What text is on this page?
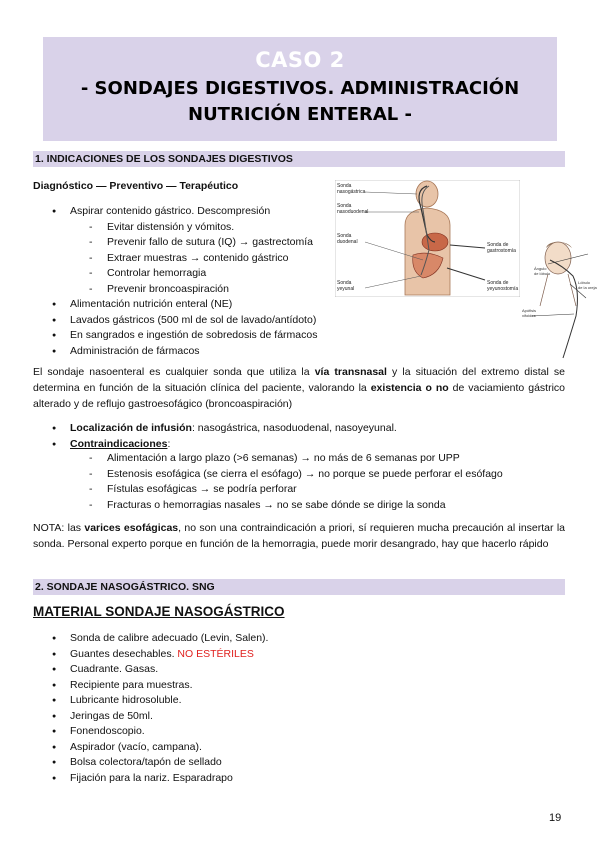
CASO 2
- SONDAJES DIGESTIVOS. ADMINISTRACIÓN
NUTRICIÓN ENTERAL -
1. INDICACIONES DE LOS SONDAJES DIGESTIVOS
Diagnóstico — Preventivo — Terapéutico
● Aspirar contenido gástrico. Descompresión
- Evitar distensión y vómitos.
- Prevenir fallo de sutura (IQ) → gastrectomía
- Extraer muestras → contenido gástrico
- Controlar hemorragia
- Prevenir broncoaspiración
● Alimentación nutrición enteral (NE)
● Lavados gástricos (500 ml de sol de lavado/antídoto)
● En sangrados e ingestión de sobredosis de fármacos
● Administración de fármacos
Sonda nasogástrica
Sonda nasoduodenal
Sonda duodenal
Sonda yeyunal
Sonda de gastrostomía
Sonda de yeyunostomía
Ángulo de lóbulo
Lóbulo de la oreja
Apófisis xifoides
El sondaje nasoenteral es cualquier sonda que utiliza la vía transnasal y la situación del extremo distal se determina en función de la situación clínica del paciente, valorando la existencia o no de vaciamiento gástrico alterado y de reflujo gastroesofágico (broncoaspiración)
● Localización de infusión: nasogástrica, nasoduodenal, nasoyeyunal.
● Contraindicaciones:
- Alimentación a largo plazo (>6 semanas) → no más de 6 semanas por UPP
- Estenosis esofágica (se cierra el esófago) → no porque se puede perforar el esófago
- Fístulas esofágicas → se podría perforar
- Fracturas o hemorragias nasales → no se sabe dónde se dirige la sonda
NOTA: las varices esofágicas, no son una contraindicación a priori, sí requieren mucha precaución al insertar la sonda. Personal experto porque en función de la hemorragia, puede morir desangrado, hay que hacerlo rápido
2. SONDAJE NASOGÁSTRICO. SNG
MATERIAL SONDAJE NASOGÁSTRICO
● Sonda de calibre adecuado (Levin, Salen).
● Guantes desechables. NO ESTÉRILES
● Cuadrante. Gasas.
● Recipiente para muestras.
● Lubricante hidrosoluble.
● Jeringas de 50ml.
● Fonendoscopio.
● Aspirador (vacío, campana).
● Bolsa colectora/tapón de sellado
● Fijación para la nariz. Esparadrapo
19
